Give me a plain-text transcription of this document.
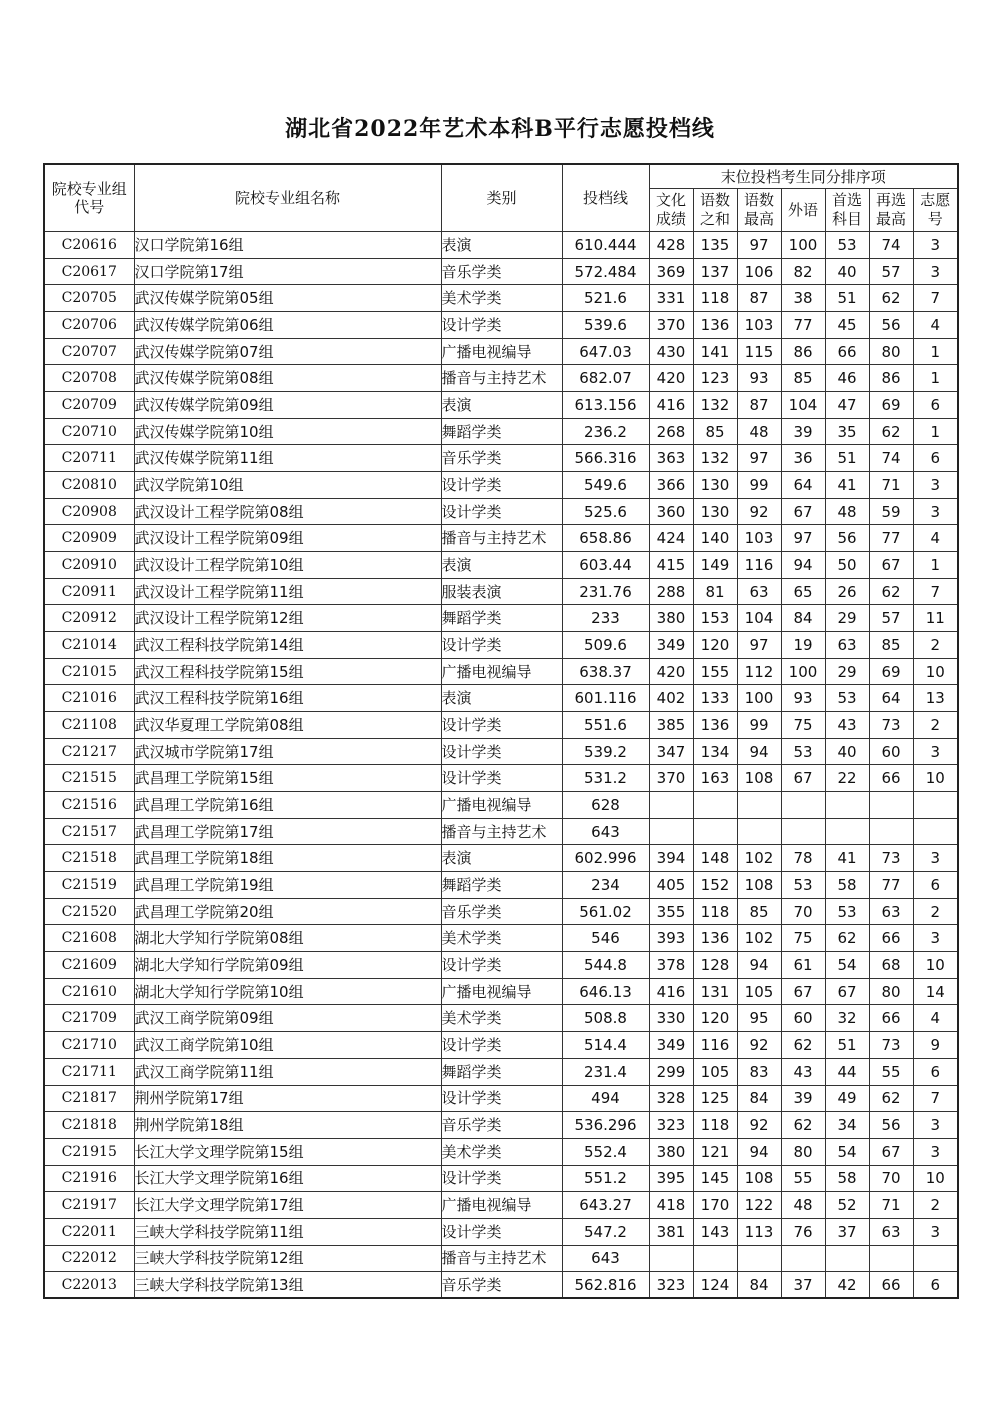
湖北省2022年艺术本科B平行志愿投档线
院校专业组代号	院校专业组名称	类别	投档线	末位投档考生同分排序项						
				文化成绩	语数之和	语数最高	外语	首选科目	再选最高	志愿号
C20616	汉口学院第16组	表演	610.444	428	135	97	100	53	74	3
C20617	汉口学院第17组	音乐学类	572.484	369	137	106	82	40	57	3
C20705	武汉传媒学院第05组	美术学类	521.6	331	118	87	38	51	62	7
C20706	武汉传媒学院第06组	设计学类	539.6	370	136	103	77	45	56	4
C20707	武汉传媒学院第07组	广播电视编导	647.03	430	141	115	86	66	80	1
C20708	武汉传媒学院第08组	播音与主持艺术	682.07	420	123	93	85	46	86	1
C20709	武汉传媒学院第09组	表演	613.156	416	132	87	104	47	69	6
C20710	武汉传媒学院第10组	舞蹈学类	236.2	268	85	48	39	35	62	1
C20711	武汉传媒学院第11组	音乐学类	566.316	363	132	97	36	51	74	6
C20810	武汉学院第10组	设计学类	549.6	366	130	99	64	41	71	3
C20908	武汉设计工程学院第08组	设计学类	525.6	360	130	92	67	48	59	3
C20909	武汉设计工程学院第09组	播音与主持艺术	658.86	424	140	103	97	56	77	4
C20910	武汉设计工程学院第10组	表演	603.44	415	149	116	94	50	67	1
C20911	武汉设计工程学院第11组	服装表演	231.76	288	81	63	65	26	62	7
C20912	武汉设计工程学院第12组	舞蹈学类	233	380	153	104	84	29	57	11
C21014	武汉工程科技学院第14组	设计学类	509.6	349	120	97	19	63	85	2
C21015	武汉工程科技学院第15组	广播电视编导	638.37	420	155	112	100	29	69	10
C21016	武汉工程科技学院第16组	表演	601.116	402	133	100	93	53	64	13
C21108	武汉华夏理工学院第08组	设计学类	551.6	385	136	99	75	43	73	2
C21217	武汉城市学院第17组	设计学类	539.2	347	134	94	53	40	60	3
C21515	武昌理工学院第15组	设计学类	531.2	370	163	108	67	22	66	10
C21516	武昌理工学院第16组	广播电视编导	628							
C21517	武昌理工学院第17组	播音与主持艺术	643							
C21518	武昌理工学院第18组	表演	602.996	394	148	102	78	41	73	3
C21519	武昌理工学院第19组	舞蹈学类	234	405	152	108	53	58	77	6
C21520	武昌理工学院第20组	音乐学类	561.02	355	118	85	70	53	63	2
C21608	湖北大学知行学院第08组	美术学类	546	393	136	102	75	62	66	3
C21609	湖北大学知行学院第09组	设计学类	544.8	378	128	94	61	54	68	10
C21610	湖北大学知行学院第10组	广播电视编导	646.13	416	131	105	67	67	80	14
C21709	武汉工商学院第09组	美术学类	508.8	330	120	95	60	32	66	4
C21710	武汉工商学院第10组	设计学类	514.4	349	116	92	62	51	73	9
C21711	武汉工商学院第11组	舞蹈学类	231.4	299	105	83	43	44	55	6
C21817	荆州学院第17组	设计学类	494	328	125	84	39	49	62	7
C21818	荆州学院第18组	音乐学类	536.296	323	118	92	62	34	56	3
C21915	长江大学文理学院第15组	美术学类	552.4	380	121	94	80	54	67	3
C21916	长江大学文理学院第16组	设计学类	551.2	395	145	108	55	58	70	10
C21917	长江大学文理学院第17组	广播电视编导	643.27	418	170	122	48	52	71	2
C22011	三峡大学科技学院第11组	设计学类	547.2	381	143	113	76	37	63	3
C22012	三峡大学科技学院第12组	播音与主持艺术	643							
C22013	三峡大学科技学院第13组	音乐学类	562.816	323	124	84	37	42	66	6
